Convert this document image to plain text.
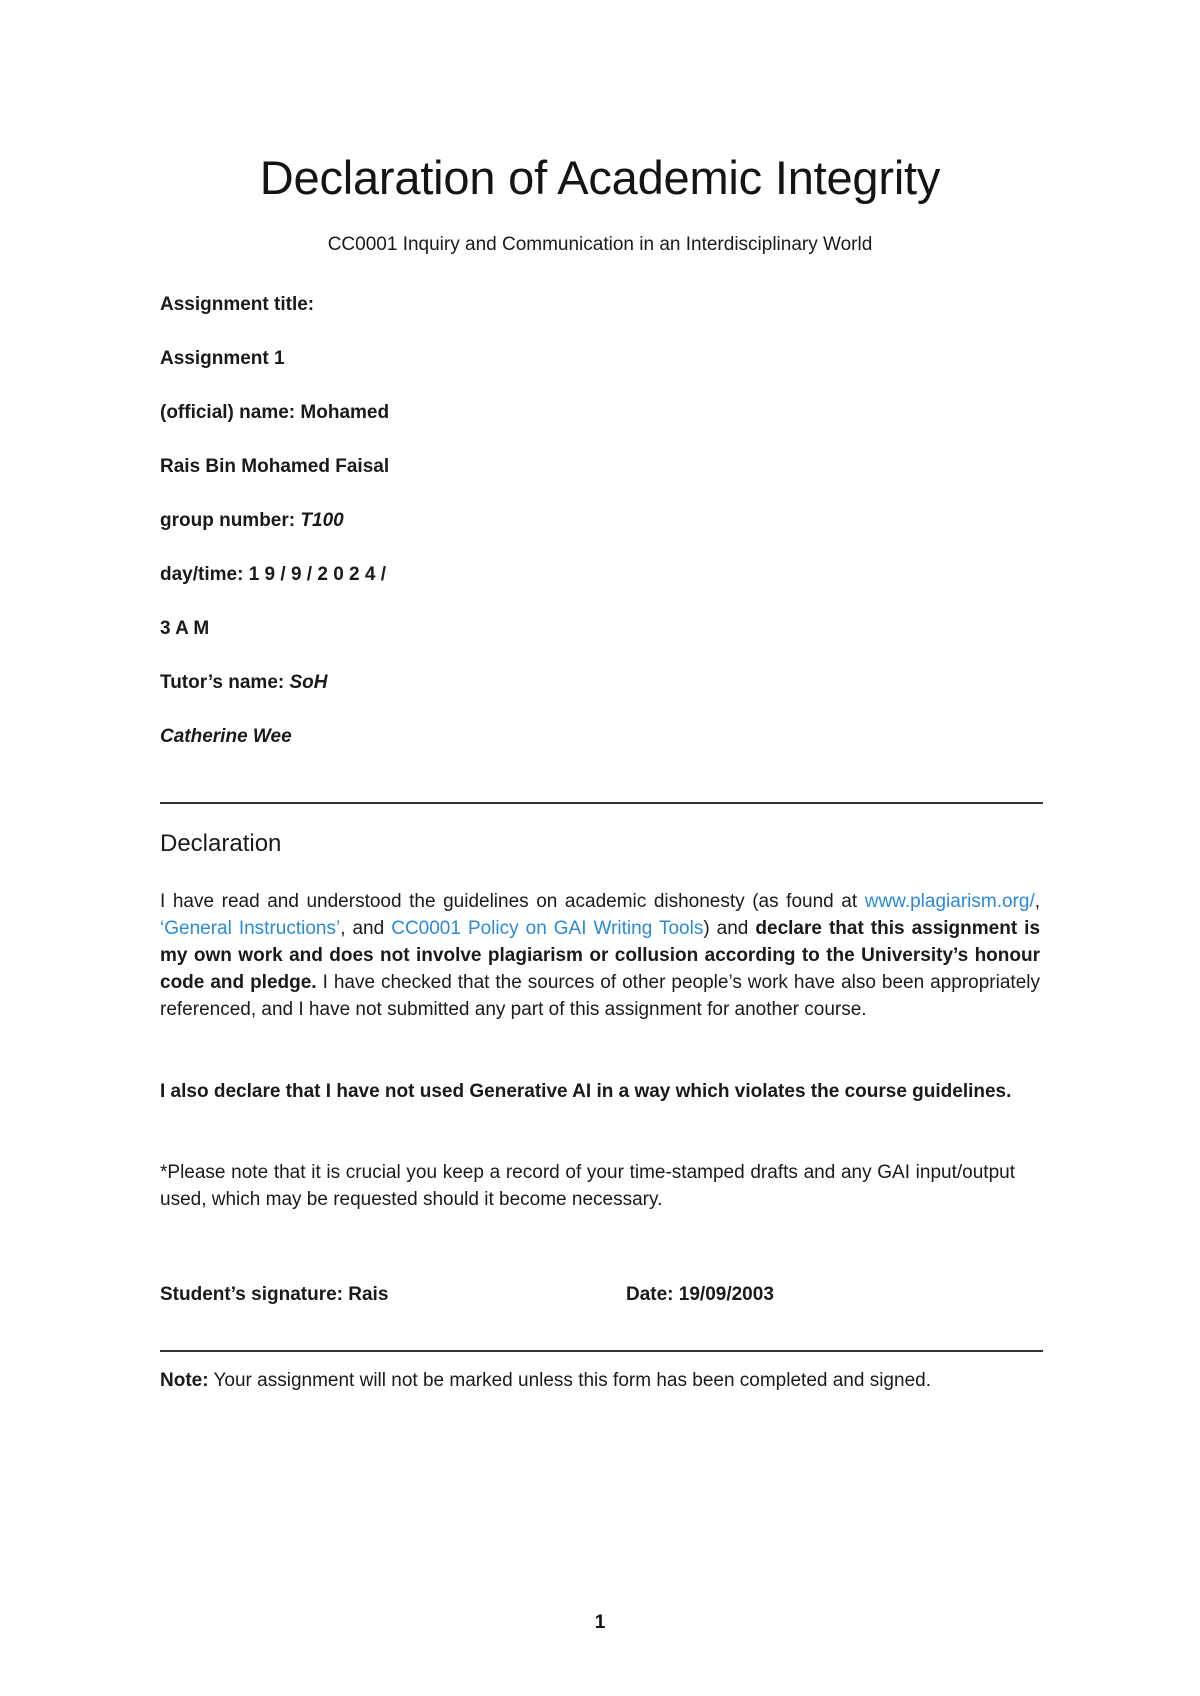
Declaration of Academic Integrity
CC0001 Inquiry and Communication in an Interdisciplinary World
Assignment title:
Assignment 1
(official) name: Mohamed
Rais Bin Mohamed Faisal
group number: T100
day/time: 1 9 / 9 / 2 0 2 4 /
3 A M
Tutor’s name: SoH
Catherine Wee
Declaration
I have read and understood the guidelines on academic dishonesty (as found at www.plagiarism.org/, ‘General Instructions’, and CC0001 Policy on GAI Writing Tools) and declare that this assignment is my own work and does not involve plagiarism or collusion according to the University’s honour code and pledge. I have checked that the sources of other people’s work have also been appropriately referenced, and I have not submitted any part of this assignment for another course.
I also declare that I have not used Generative AI in a way which violates the course guidelines.
*Please note that it is crucial you keep a record of your time-stamped drafts and any GAI input/output used, which may be requested should it become necessary.
Student’s signature: Rais	Date: 19/09/2003
Note: Your assignment will not be marked unless this form has been completed and signed.
1
